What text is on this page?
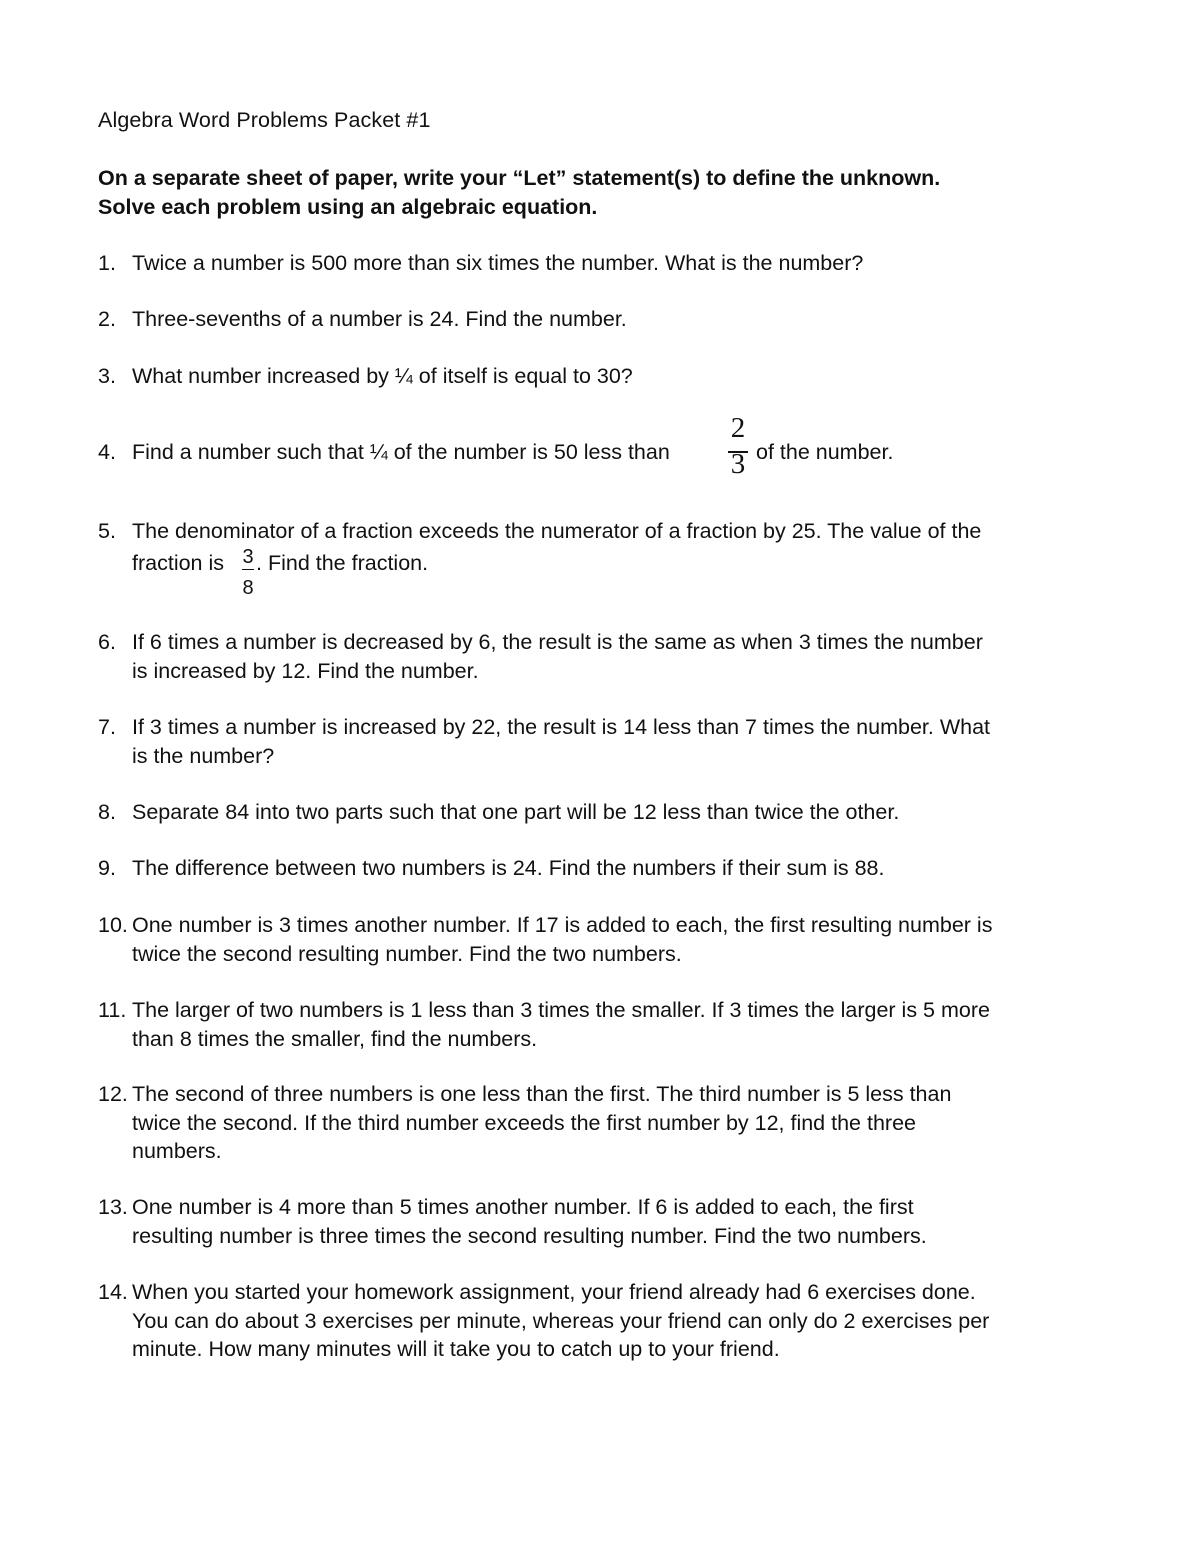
Algebra Word Problems Packet #1
On a separate sheet of paper, write your “Let” statement(s) to define the unknown.
Solve each problem using an algebraic equation.
1. Twice a number is 500 more than six times the number. What is the number?
2. Three-sevenths of a number is 24. Find the number.
3. What number increased by ¼ of itself is equal to 30?
4. Find a number such that ¼ of the number is 50 less than
2
3 of the number.
5. The denominator of a fraction exceeds the numerator of a fraction by 25. The value of the
fraction is 3
8
. Find the fraction.
6. If 6 times a number is decreased by 6, the result is the same as when 3 times the number
is increased by 12. Find the number.
7. If 3 times a number is increased by 22, the result is 14 less than 7 times the number. What
is the number?
8. Separate 84 into two parts such that one part will be 12 less than twice the other.
9. The difference between two numbers is 24. Find the numbers if their sum is 88.
10. One number is 3 times another number. If 17 is added to each, the first resulting number is
twice the second resulting number. Find the two numbers.
11. The larger of two numbers is 1 less than 3 times the smaller. If 3 times the larger is 5 more
than 8 times the smaller, find the numbers.
12. The second of three numbers is one less than the first. The third number is 5 less than
twice the second. If the third number exceeds the first number by 12, find the three
numbers.
13. One number is 4 more than 5 times another number. If 6 is added to each, the first
resulting number is three times the second resulting number. Find the two numbers.
14. When you started your homework assignment, your friend already had 6 exercises done.
You can do about 3 exercises per minute, whereas your friend can only do 2 exercises per
minute. How many minutes will it take you to catch up to your friend.
